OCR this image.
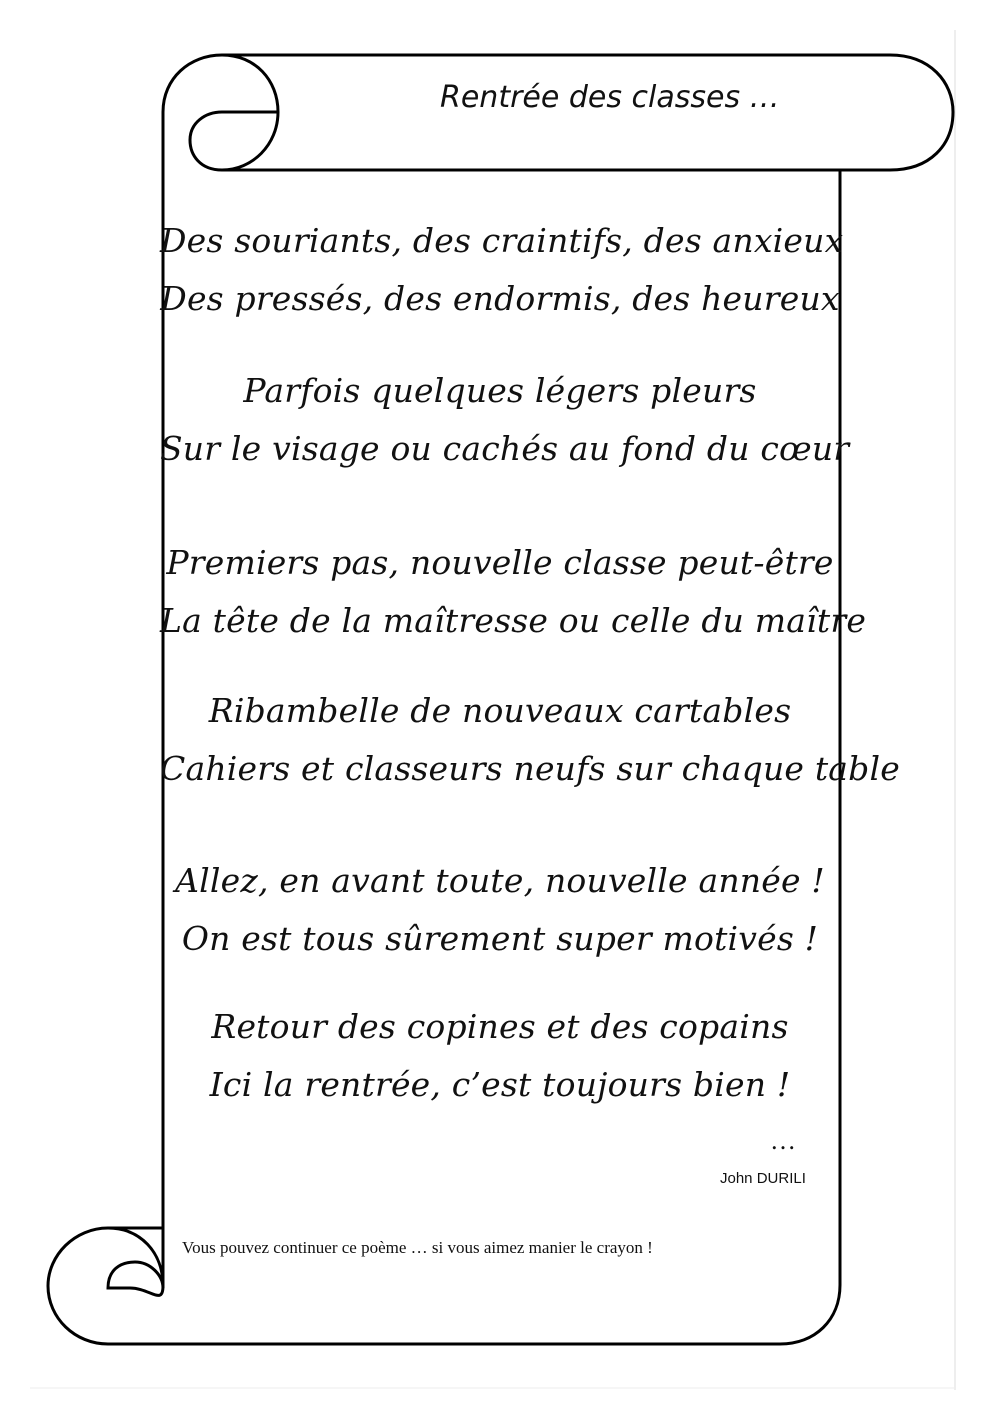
Rentrée des classes …
Des souriants, des craintifs, des anxieux
Des pressés, des endormis, des heureux
Parfois quelques légers pleurs
Sur le visage ou cachés au fond du cœur
Premiers pas, nouvelle classe peut-être
La tête de la maîtresse ou celle du maître
Ribambelle de nouveaux cartables
Cahiers et classeurs neufs sur chaque table
Allez, en avant toute, nouvelle année !
On est tous sûrement super motivés !
Retour des copines et des copains
Ici la rentrée, c’est toujours bien !
…
John DURILI
Vous pouvez continuer ce poème … si vous aimez manier le crayon !
